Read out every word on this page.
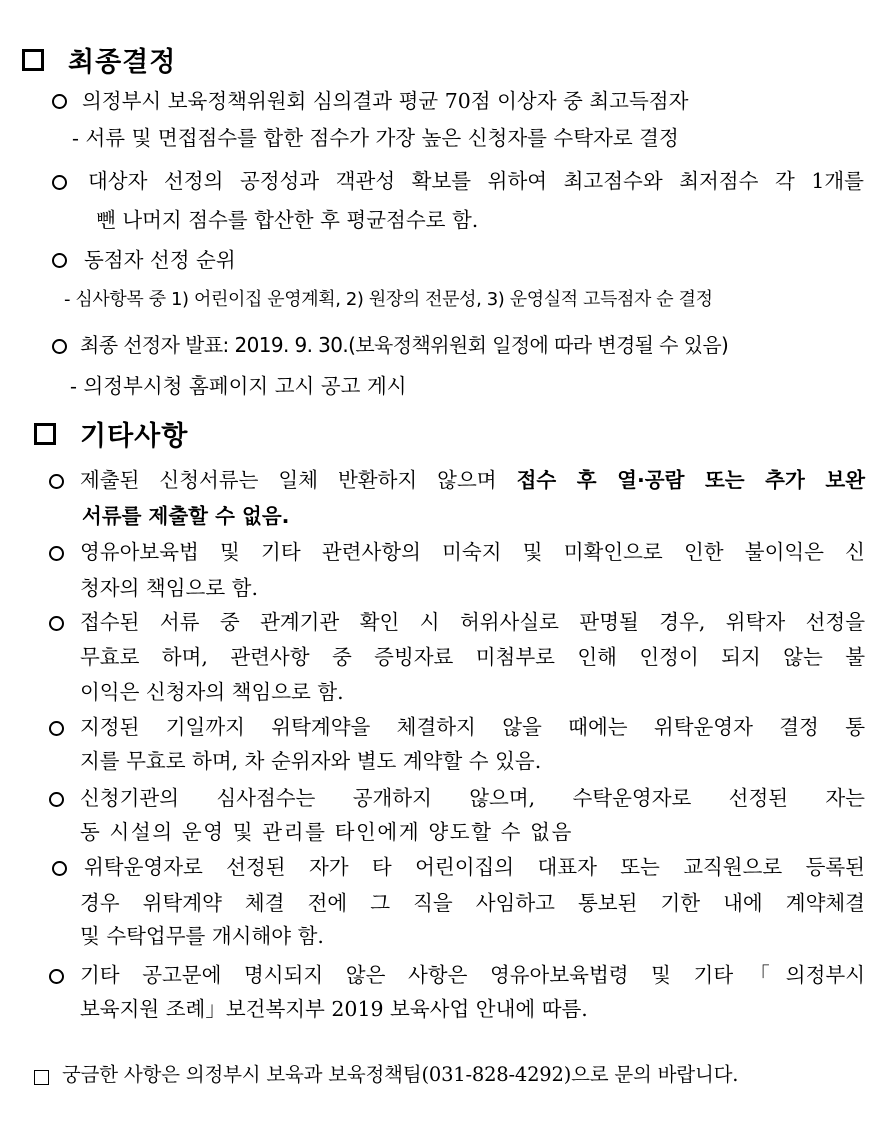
최종결정
의정부시 보육정책위원회 심의결과 평균 70점 이상자 중 최고득점자
- 서류 및 면접점수를 합한 점수가 가장 높은 신청자를 수탁자로 결정
대상자 선정의 공정성과 객관성 확보를 위하여 최고점수와 최저점수 각 1개를
뺀 나머지 점수를 합산한 후 평균점수로 함.
동점자 선정 순위
- 심사항목 중 1) 어린이집 운영계획, 2) 원장의 전문성, 3) 운영실적 고득점자 순 결정
최종 선정자 발표: 2019. 9. 30.(보육정책위원회 일정에 따라 변경될 수 있음)
- 의정부시청 홈페이지 고시 공고 게시
기타사항
제출된 신청서류는 일체 반환하지 않으며 접수 후 열·공람 또는 추가 보완
서류를 제출할 수 없음.
영유아보육법 및 기타 관련사항의 미숙지 및 미확인으로 인한 불이익은 신
청자의 책임으로 함.
접수된 서류 중 관계기관 확인 시 허위사실로 판명될 경우, 위탁자 선정을
무효로 하며, 관련사항 중 증빙자료 미첨부로 인해 인정이 되지 않는 불
이익은 신청자의 책임으로 함.
지정된 기일까지 위탁계약을 체결하지 않을 때에는 위탁운영자 결정 통
지를 무효로 하며, 차 순위자와 별도 계약할 수 있음.
신청기관의 심사점수는 공개하지 않으며, 수탁운영자로 선정된 자는
동 시설의 운영 및 관리를 타인에게 양도할 수 없음
위탁운영자로 선정된 자가 타 어린이집의 대표자 또는 교직원으로 등록된
경우 위탁계약 체결 전에 그 직을 사임하고 통보된 기한 내에 계약체결
및 수탁업무를 개시해야 함.
기타 공고문에 명시되지 않은 사항은 영유아보육법령 및 기타「의정부시
보육지원 조례」보건복지부 2019 보육사업 안내에 따름.
궁금한 사항은 의정부시 보육과 보육정책팀(031-828-4292)으로 문의 바랍니다.
